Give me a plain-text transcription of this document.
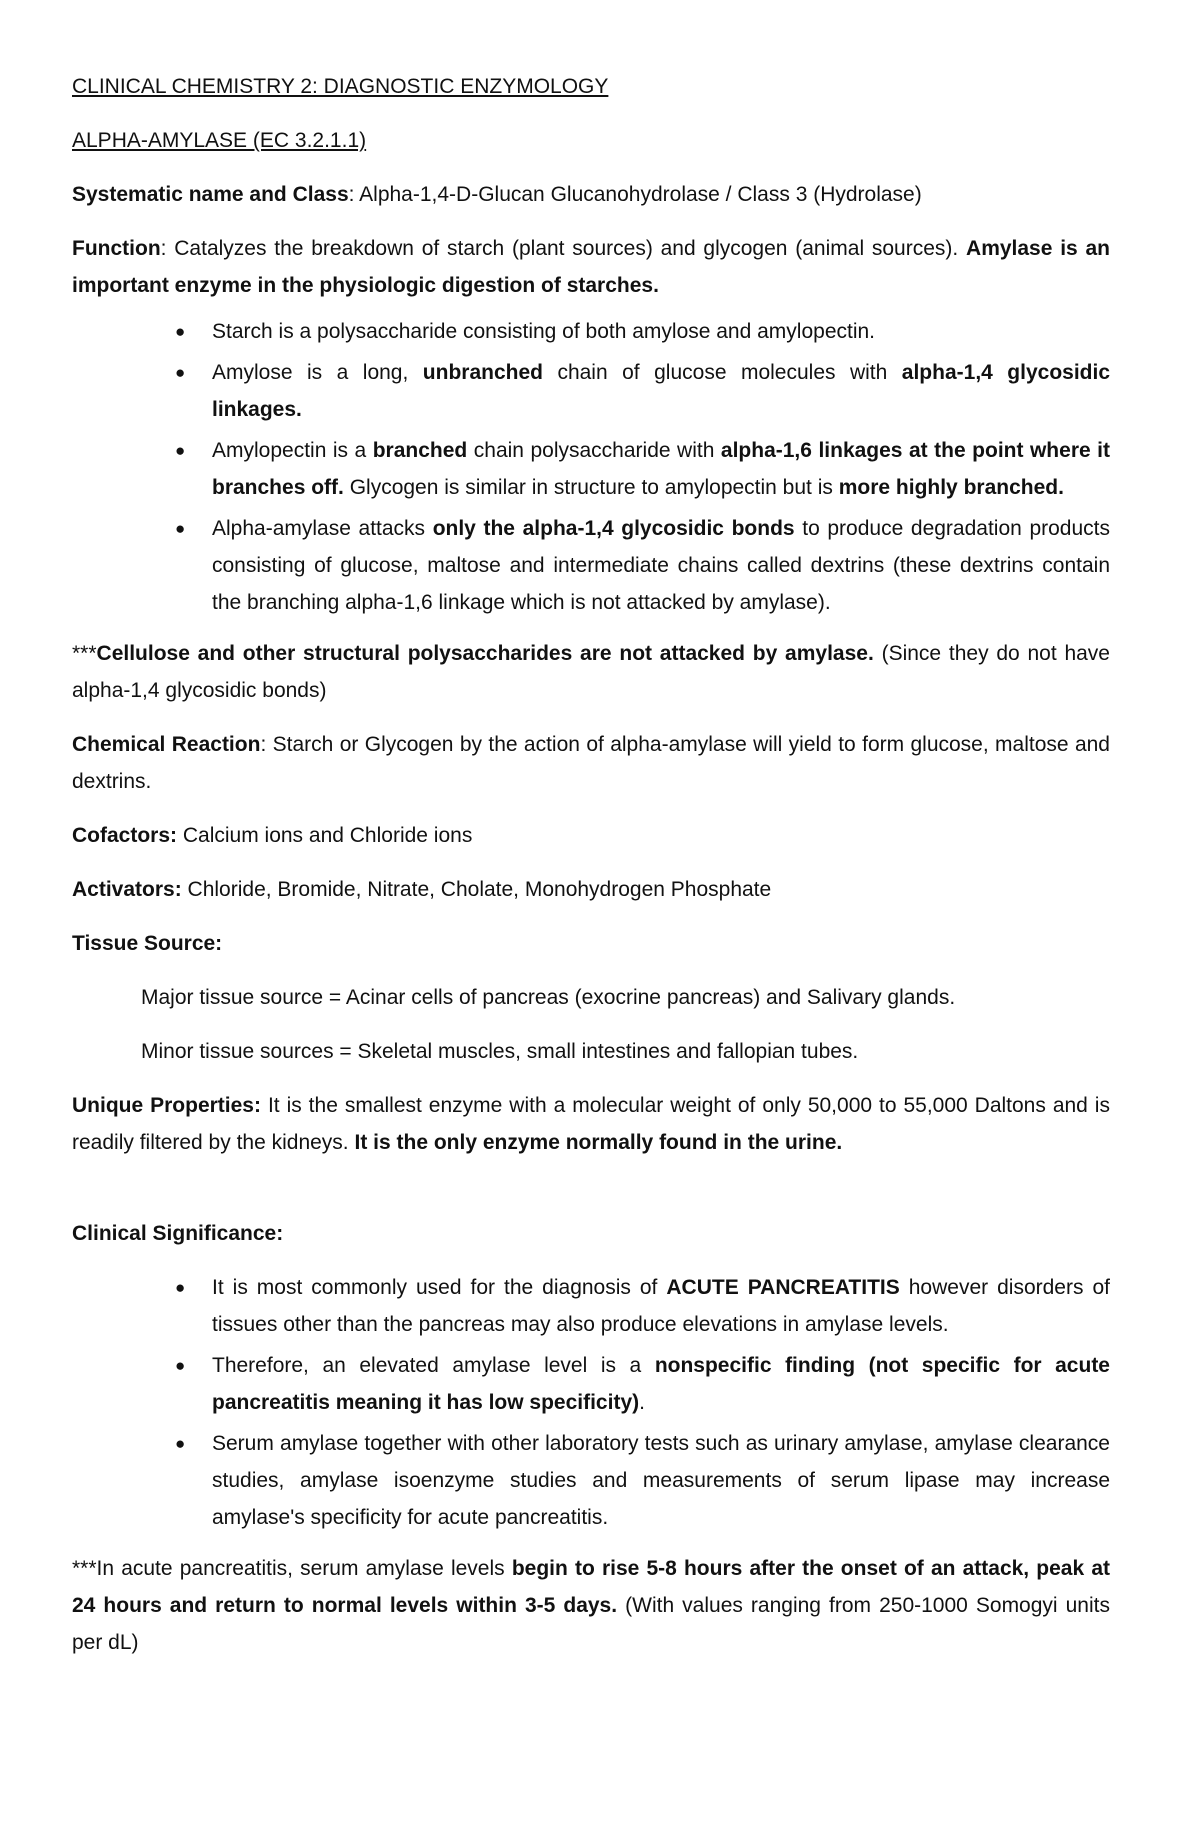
CLINICAL CHEMISTRY 2: DIAGNOSTIC ENZYMOLOGY

ALPHA-AMYLASE (EC 3.2.1.1)

Systematic name and Class: Alpha-1,4-D-Glucan Glucanohydrolase / Class 3 (Hydrolase)

Function: Catalyzes the breakdown of starch (plant sources) and glycogen (animal sources). Amylase is an important enzyme in the physiologic digestion of starches.

● Starch is a polysaccharide consisting of both amylose and amylopectin.
● Amylose is a long, unbranched chain of glucose molecules with alpha-1,4 glycosidic linkages.
● Amylopectin is a branched chain polysaccharide with alpha-1,6 linkages at the point where it branches off. Glycogen is similar in structure to amylopectin but is more highly branched.
● Alpha-amylase attacks only the alpha-1,4 glycosidic bonds to produce degradation products consisting of glucose, maltose and intermediate chains called dextrins (these dextrins contain the branching alpha-1,6 linkage which is not attacked by amylase).

***Cellulose and other structural polysaccharides are not attacked by amylase. (Since they do not have alpha-1,4 glycosidic bonds)

Chemical Reaction: Starch or Glycogen by the action of alpha-amylase will yield to form glucose, maltose and dextrins.

Cofactors: Calcium ions and Chloride ions

Activators: Chloride, Bromide, Nitrate, Cholate, Monohydrogen Phosphate

Tissue Source:

Major tissue source = Acinar cells of pancreas (exocrine pancreas) and Salivary glands.

Minor tissue sources = Skeletal muscles, small intestines and fallopian tubes.

Unique Properties: It is the smallest enzyme with a molecular weight of only 50,000 to 55,000 Daltons and is readily filtered by the kidneys. It is the only enzyme normally found in the urine.

Clinical Significance:

● It is most commonly used for the diagnosis of ACUTE PANCREATITIS however disorders of tissues other than the pancreas may also produce elevations in amylase levels.
● Therefore, an elevated amylase level is a nonspecific finding (not specific for acute pancreatitis meaning it has low specificity).
● Serum amylase together with other laboratory tests such as urinary amylase, amylase clearance studies, amylase isoenzyme studies and measurements of serum lipase may increase amylase's specificity for acute pancreatitis.

***In acute pancreatitis, serum amylase levels begin to rise 5-8 hours after the onset of an attack, peak at 24 hours and return to normal levels within 3-5 days. (With values ranging from 250-1000 Somogyi units per dL)
